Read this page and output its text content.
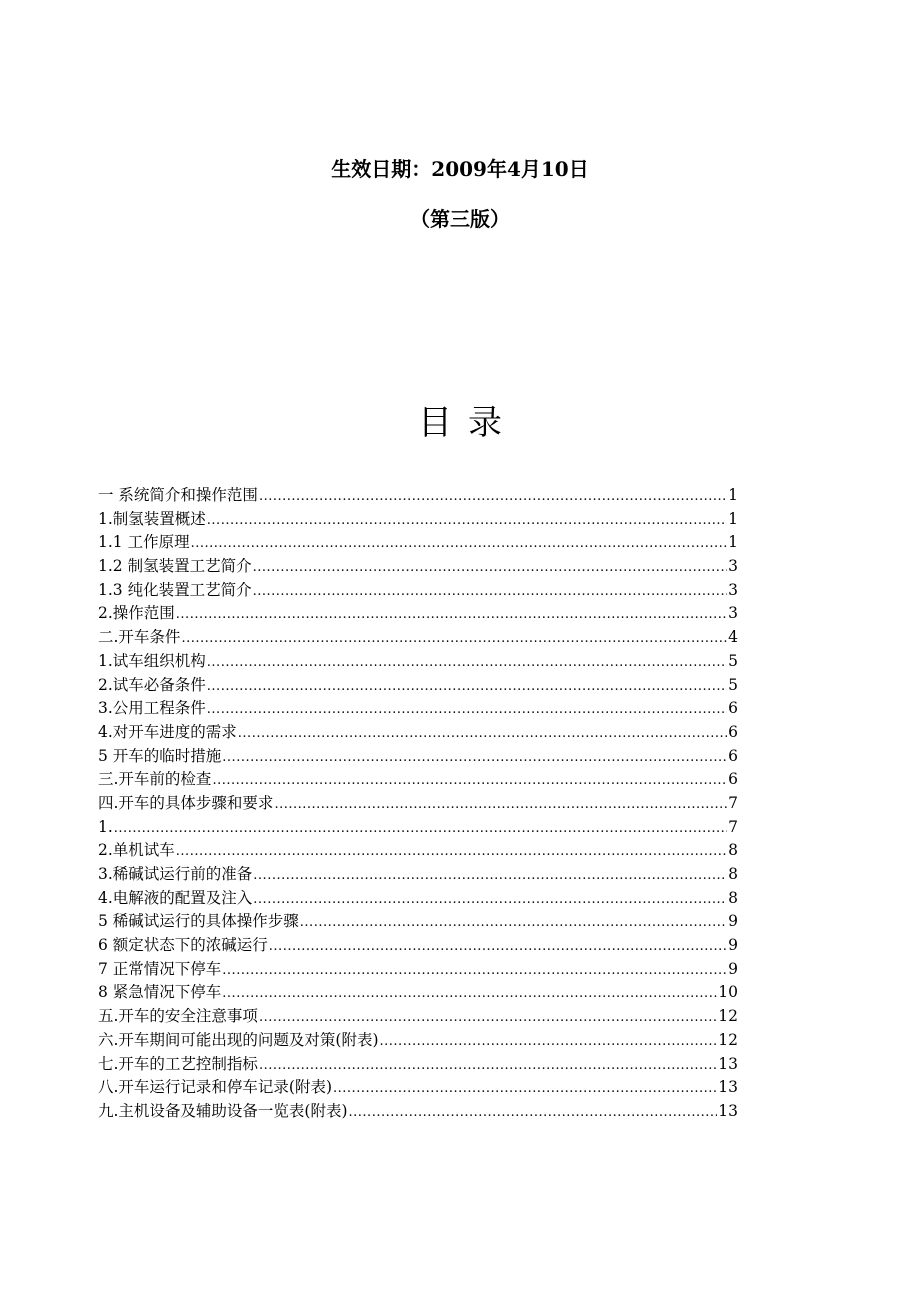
生效日期：2009年4月10日
（第三版）
目录
一 系统简介和操作范围 .....	1
1.制氢装置概述 .....	1
1.1 工作原理 .....	1
1.2 制氢装置工艺简介 .....	3
1.3 纯化装置工艺简介 .....	3
2.操作范围 .....	3
二.开车条件 .....	4
1.试车组织机构 .....	5
2.试车必备条件 .....	5
3.公用工程条件 .....	6
4.对开车进度的需求 .....	6
5 开车的临时措施 .....	6
三.开车前的检查 .....	6
四.开车的具体步骤和要求 .....	7
1. .....	7
2.单机试车 .....	8
3.稀碱试运行前的准备 .....	8
4.电解液的配置及注入 .....	8
5 稀碱试运行的具体操作步骤 .....	9
6 额定状态下的浓碱运行 .....	9
7 正常情况下停车 .....	9
8 紧急情况下停车 .....	10
五.开车的安全注意事项 .....	12
六.开车期间可能出现的问题及对策(附表) .....	12
七.开车的工艺控制指标 .....	13
八.开车运行记录和停车记录(附表) .....	13
九.主机设备及辅助设备一览表(附表) .....	13
